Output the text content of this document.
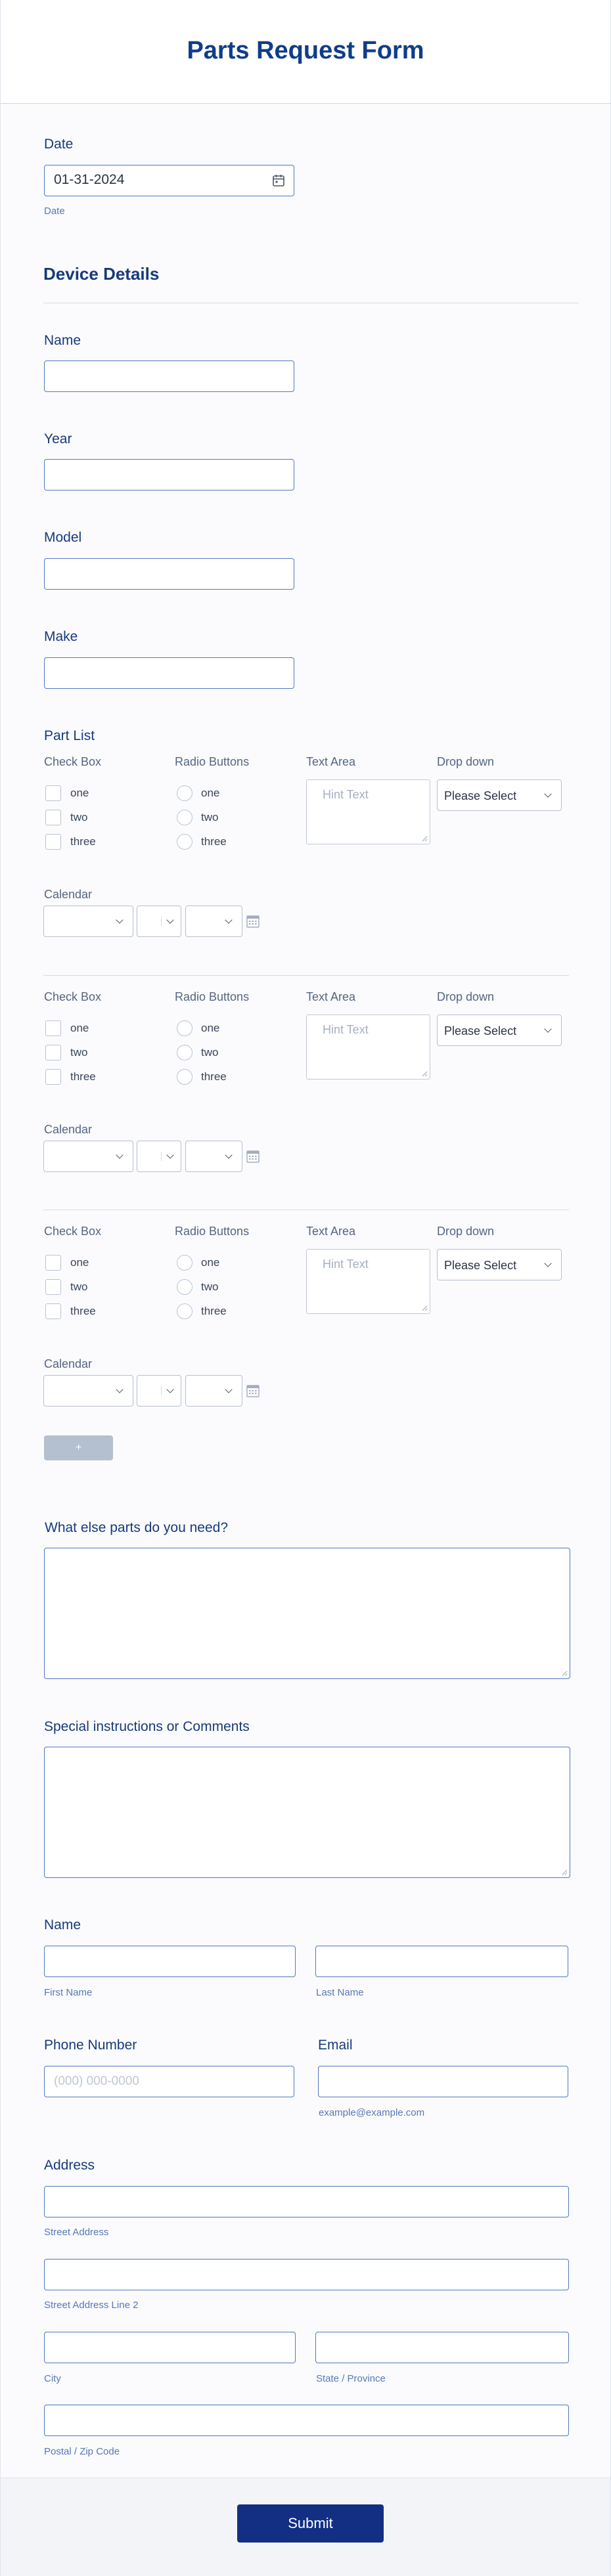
Parts Request Form
Date
01-31-2024
Date
Device Details
Name
Year
Model
Make
Part List
Check Box	Radio Buttons	Text Area	Drop down
one	one
two	two
three	three
Hint Text	Please Select
Calendar
Check Box	Radio Buttons	Text Area	Drop down
one	one
two	two
three	three
Hint Text	Please Select
Calendar
Check Box	Radio Buttons	Text Area	Drop down
one	one
two	two
three	three
Hint Text	Please Select
Calendar
+
What else parts do you need?
Special instructions or Comments
Name
First Name	Last Name
Phone Number
(000) 000-0000
Email
example@example.com
Address
Street Address
Street Address Line 2
City	State / Province
Postal / Zip Code
Submit
